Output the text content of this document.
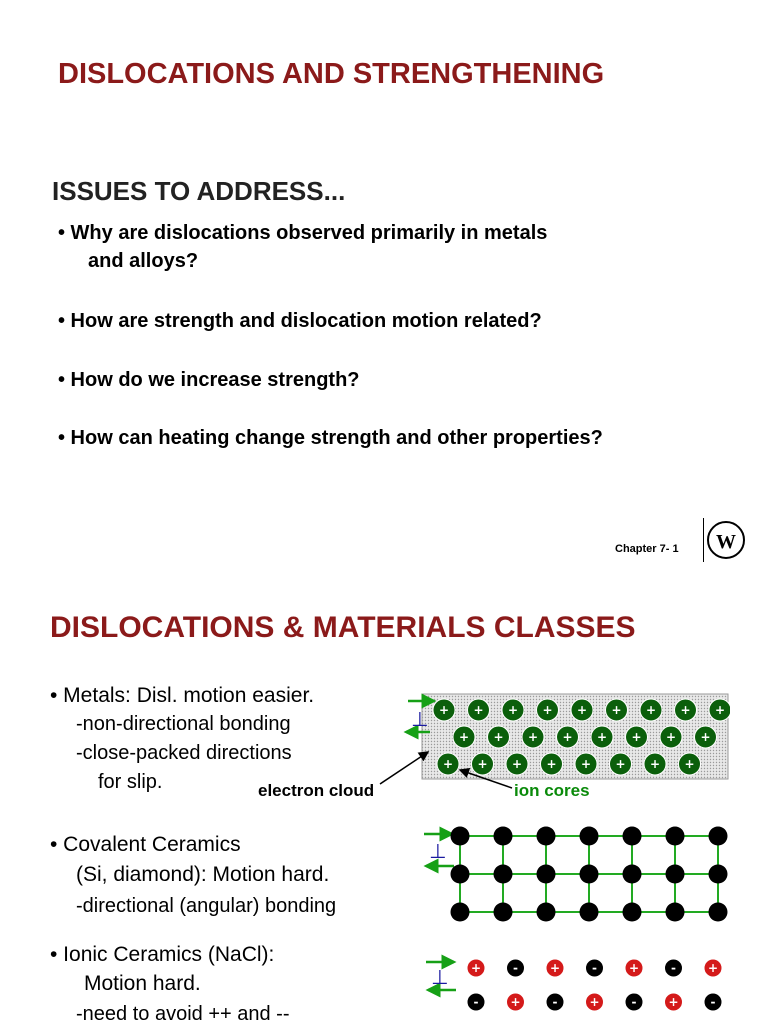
DISLOCATIONS AND STRENGTHENING
ISSUES TO ADDRESS...
• Why are dislocations observed primarily in metals
and alloys?
• How are strength and dislocation motion related?
• How do we increase strength?
• How can heating change strength and other properties?
Chapter 7- 1 W
DISLOCATIONS & MATERIALS CLASSES
• Metals: Disl. motion easier.
-non-directional bonding
-close-packed directions
for slip.	electron cloud	ion cores
⊥ + + + + + + + + +
+ + + + + + + +
+ + + + + + + +
• Covalent Ceramics
(Si, diamond): Motion hard.
-directional (angular) bonding
⊥
• Ionic Ceramics (NaCl):
Motion hard.
-need to avoid ++ and --
⊥ +	-	+	-	+	-	+
-	+	-	+	-	+	-
